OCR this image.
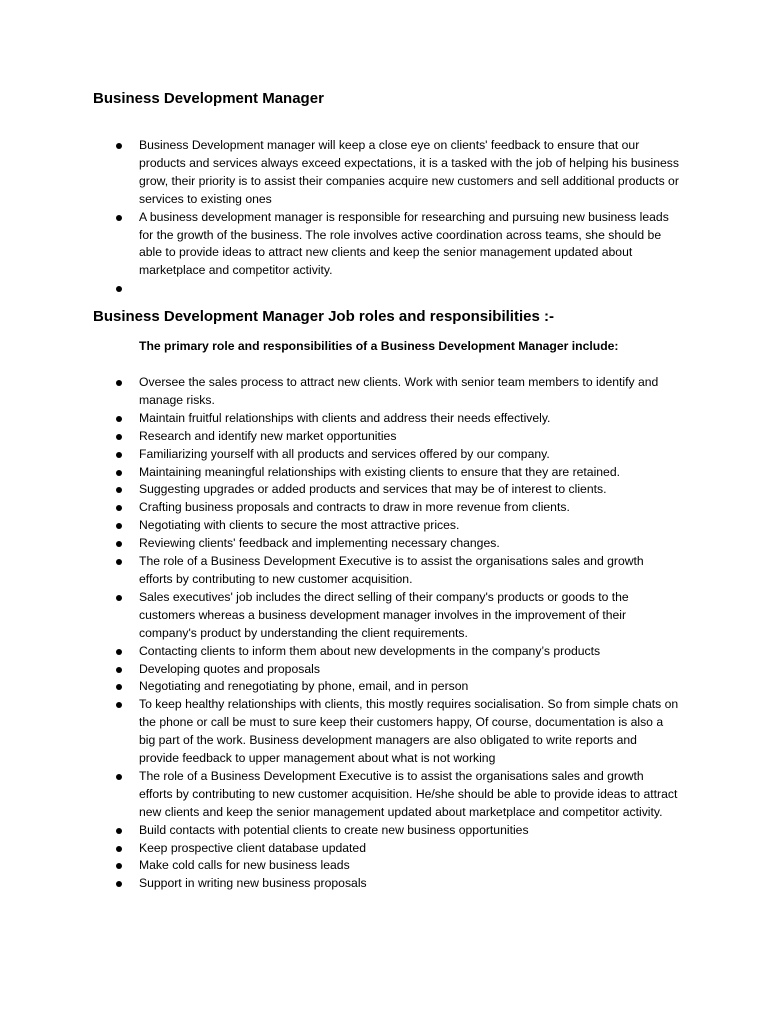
Business Development Manager
Business Development manager will keep a close eye on clients' feedback to ensure that our products and services always exceed expectations, it is a tasked with the job of helping his business grow, their priority is to assist their companies acquire new customers and sell additional products or services to existing ones
A business development manager is responsible for researching and pursuing new business leads for the growth of the business. The role involves active coordination across teams, she should be able to provide ideas to attract new clients and keep the senior management updated about marketplace and competitor activity.
Business Development Manager Job roles and responsibilities :-
The primary role and responsibilities of a Business Development Manager include:
Oversee the sales process to attract new clients. Work with senior team members to identify and manage risks.
Maintain fruitful relationships with clients and address their needs effectively.
Research and identify new market opportunities
Familiarizing yourself with all products and services offered by our company.
Maintaining meaningful relationships with existing clients to ensure that they are retained.
Suggesting upgrades or added products and services that may be of interest to clients.
Crafting business proposals and contracts to draw in more revenue from clients.
Negotiating with clients to secure the most attractive prices.
Reviewing clients' feedback and implementing necessary changes.
The role of a Business Development Executive is to assist the organisations sales and growth efforts by contributing to new customer acquisition.
Sales executives' job includes the direct selling of their company's products or goods to the customers whereas a business development manager involves in the improvement of their company's product by understanding the client requirements.
Contacting clients to inform them about new developments in the company’s products
Developing quotes and proposals
Negotiating and renegotiating by phone, email, and in person
To keep healthy relationships with clients, this mostly requires socialisation. So from simple chats on the phone or call be must to sure keep their customers happy, Of course, documentation is also a big part of the work. Business development managers are also obligated to write reports and provide feedback to upper management about what is not working
The role of a Business Development Executive is to assist the organisations sales and growth efforts by contributing to new customer acquisition. He/she should be able to provide ideas to attract new clients and keep the senior management updated about marketplace and competitor activity.
Build contacts with potential clients to create new business opportunities
Keep prospective client database updated
Make cold calls for new business leads
Support in writing new business proposals
